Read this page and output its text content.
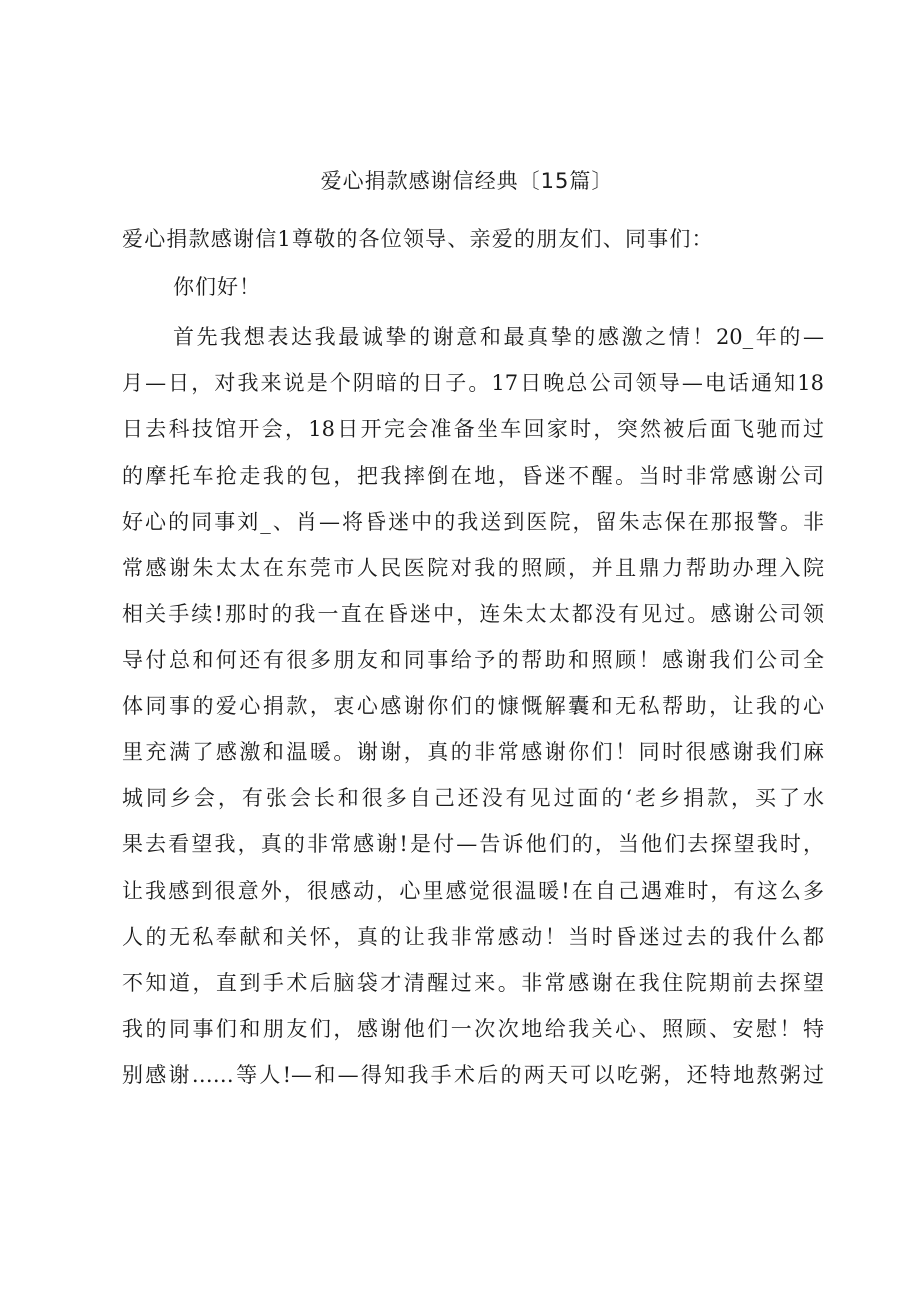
爱心捐款感谢信经典〔15篇〕
爱心捐款感谢信1尊敬的各位领导、亲爱的朋友们、同事们：
你们好！
首先我想表达我最诚挚的谢意和最真挚的感激之情！20_年的—
月—日，对我来说是个阴暗的日子。17日晚总公司领导—电话通知18
日去科技馆开会，18日开完会准备坐车回家时，突然被后面飞驰而过
的摩托车抢走我的包，把我摔倒在地，昏迷不醒。当时非常感谢公司
好心的同事刘_、肖—将昏迷中的我送到医院，留朱志保在那报警。非
常感谢朱太太在东莞市人民医院对我的照顾，并且鼎力帮助办理入院
相关手续!那时的我一直在昏迷中，连朱太太都没有见过。感谢公司领
导付总和何还有很多朋友和同事给予的帮助和照顾！感谢我们公司全
体同事的爱心捐款，衷心感谢你们的慷慨解囊和无私帮助，让我的心
里充满了感激和温暖。谢谢，真的非常感谢你们！同时很感谢我们麻
城同乡会，有张会长和很多自己还没有见过面的‘老乡捐款，买了水
果去看望我，真的非常感谢!是付—告诉他们的，当他们去探望我时，
让我感到很意外，很感动，心里感觉很温暖!在自己遇难时，有这么多
人的无私奉献和关怀，真的让我非常感动！当时昏迷过去的我什么都
不知道，直到手术后脑袋才清醒过来。非常感谢在我住院期前去探望
我的同事们和朋友们，感谢他们一次次地给我关心、照顾、安慰！特
别感谢……等人!—和—得知我手术后的两天可以吃粥，还特地熬粥过
